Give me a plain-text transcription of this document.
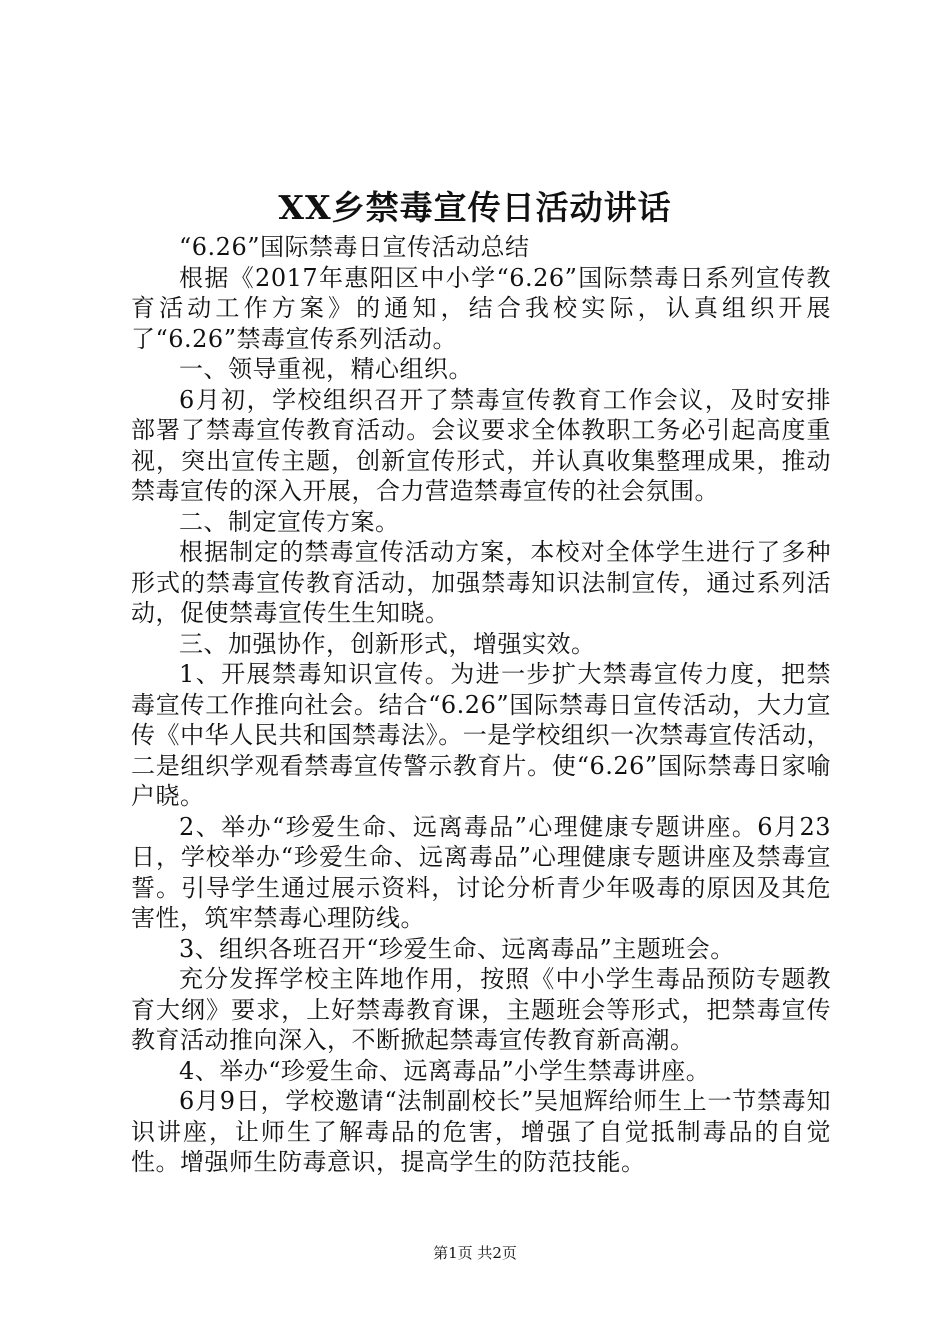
XX乡禁毒宣传日活动讲话

“6.26”国际禁毒日宣传活动总结

根据《2017年惠阳区中小学“6.26”国际禁毒日系列宣传教育活动工作方案》的通知，结合我校实际，认真组织开展了“6.26”禁毒宣传系列活动。

一、领导重视，精心组织。

6月初，学校组织召开了禁毒宣传教育工作会议，及时安排部署了禁毒宣传教育活动。会议要求全体教职工务必引起高度重视，突出宣传主题，创新宣传形式，并认真收集整理成果，推动禁毒宣传的深入开展，合力营造禁毒宣传的社会氛围。

二、制定宣传方案。

根据制定的禁毒宣传活动方案，本校对全体学生进行了多种形式的禁毒宣传教育活动，加强禁毒知识法制宣传，通过系列活动，促使禁毒宣传生生知晓。

三、加强协作，创新形式，增强实效。

1、开展禁毒知识宣传。为进一步扩大禁毒宣传力度，把禁毒宣传工作推向社会。结合“6.26”国际禁毒日宣传活动，大力宣传《中华人民共和国禁毒法》。一是学校组织一次禁毒宣传活动，二是组织学观看禁毒宣传警示教育片。使“6.26”国际禁毒日家喻户晓。

2、举办“珍爱生命、远离毒品”心理健康专题讲座。6月23日，学校举办“珍爱生命、远离毒品”心理健康专题讲座及禁毒宣誓。引导学生通过展示资料，讨论分析青少年吸毒的原因及其危害性，筑牢禁毒心理防线。

3、组织各班召开“珍爱生命、远离毒品”主题班会。

充分发挥学校主阵地作用，按照《中小学生毒品预防专题教育大纲》要求，上好禁毒教育课，主题班会等形式，把禁毒宣传教育活动推向深入，不断掀起禁毒宣传教育新高潮。

4、举办“珍爱生命、远离毒品”小学生禁毒讲座。

6月9日，学校邀请“法制副校长”吴旭辉给师生上一节禁毒知识讲座，让师生了解毒品的危害，增强了自觉抵制毒品的自觉性。增强师生防毒意识，提高学生的防范技能。

第1页 共2页
